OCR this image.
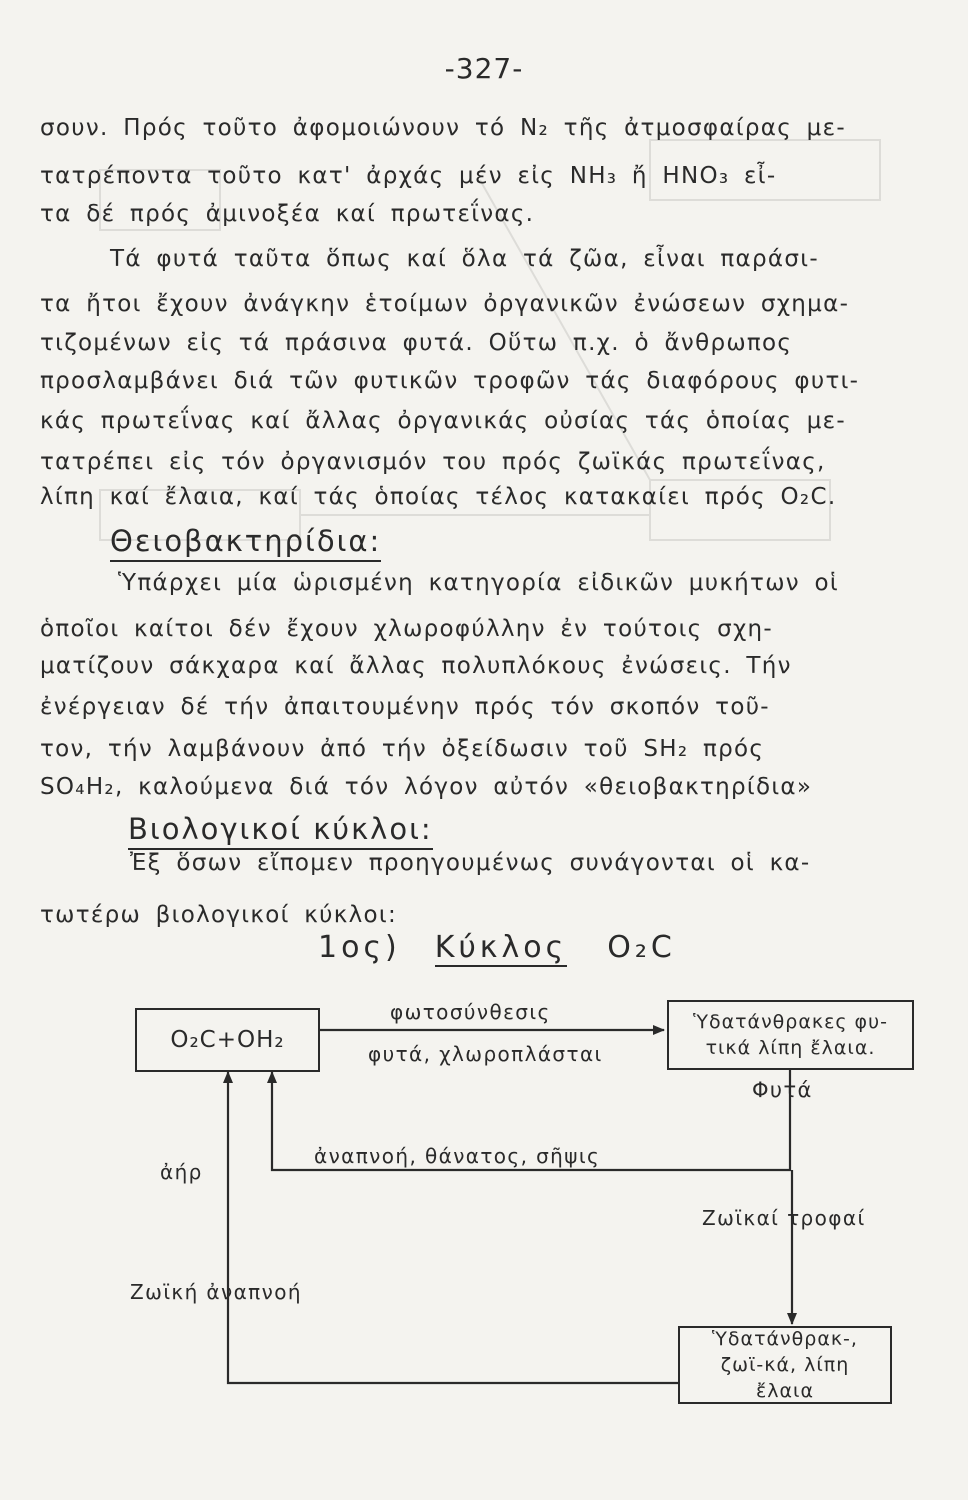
-327-
σουν. Πρός τοῦτο ἀφομοιώνουν τό N₂ τῆς ἀτμοσφαίρας με-
τατρέποντα τοῦτο κατ' ἀρχάς μέν εἰς NH₃ ἤ HNO₃ εἶ-
τα δέ πρός ἀμινοξέα καί πρωτεΐνας.
Τά φυτά ταῦτα ὅπως καί ὅλα τά ζῶα, εἶναι παράσι-
τα ἤτοι ἔχουν ἀνάγκην ἑτοίμων ὀργανικῶν ἐνώσεων σχημα-
τιζομένων εἰς τά πράσινα φυτά. Οὕτω π.χ. ὁ ἄνθρωπος
προσλαμβάνει διά τῶν φυτικῶν τροφῶν τάς διαφόρους φυτι-
κάς πρωτεΐνας καί ἄλλας ὀργανικάς οὐσίας τάς ὁποίας με-
τατρέπει εἰς τόν ὀργανισμόν του πρός ζωϊκάς πρωτεΐνας,
λίπη καί ἔλαια, καί τάς ὁποίας τέλος κατακαίει πρός O₂C.
Θειοβακτηρίδια:
Ὑπάρχει μία ὡρισμένη κατηγορία εἰδικῶν μυκήτων οἱ
ὁποῖοι καίτοι δέν ἔχουν χλωροφύλλην ἐν τούτοις σχη-
ματίζουν σάκχαρα καί ἄλλας πολυπλόκους ἐνώσεις. Τήν
ἐνέργειαν δέ τήν ἀπαιτουμένην πρός τόν σκοπόν τοῦ-
τον, τήν λαμβάνουν ἀπό τήν ὀξείδωσιν τοῦ SH₂ πρός
SO₄H₂, καλούμενα διά τόν λόγον αὐτόν «θειοβακτηρίδια»
Βιολογικοί κύκλοι:
Ἐξ ὅσων εἴπομεν προηγουμένως συνάγονται οἱ κα-
τωτέρω βιολογικοί κύκλοι:
1ος) Κύκλος O₂C
O₂C+OH₂
Ὑδατάνθρακες φυ-τικά λίπη ἔλαια.
Ὑδατάνθρακ-, ζωϊ-κά, λίπη ἔλαια
φωτοσύνθεσις
φυτά, χλωροπλάσται
Φυτά
ἀναπνοή, θάνατος, σῆψις
ἀήρ
Ζωϊκαί τροφαί
Ζωϊκή ἀναπνοή
